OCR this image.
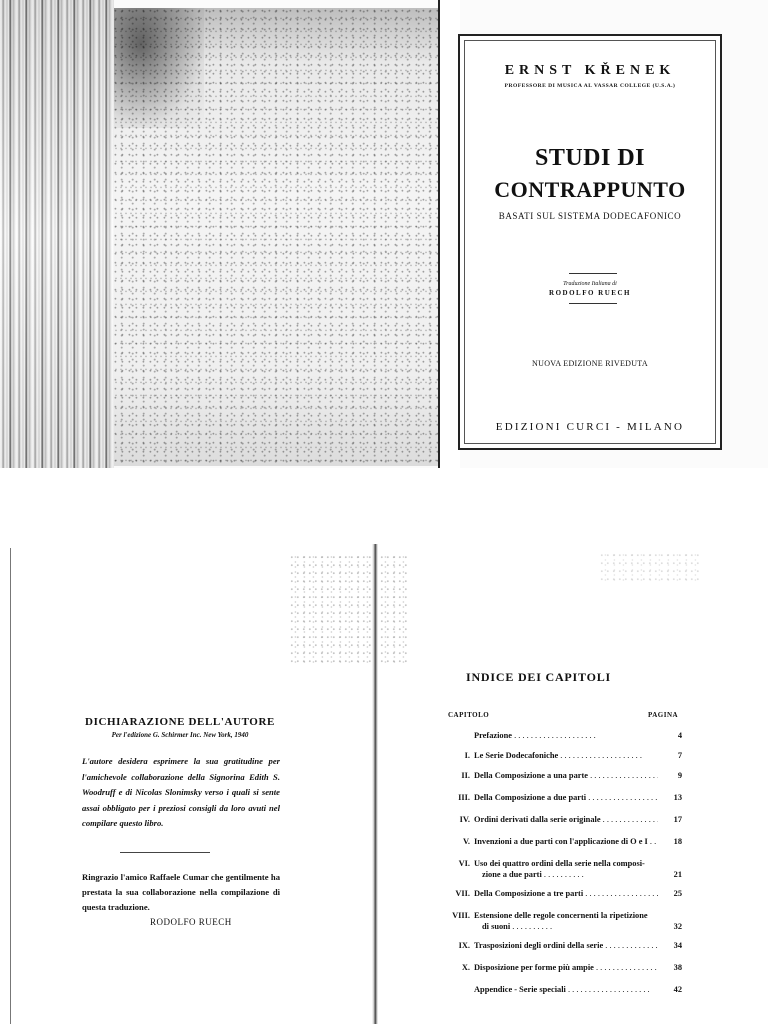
ERNST KŘENEK
PROFESSORE DI MUSICA AL VASSAR COLLEGE (U.S.A.)
STUDI DI
CONTRAPPUNTO
BASATI SUL SISTEMA DODECAFONICO
Traduzione Italiana di
RODOLFO RUECH
NUOVA EDIZIONE RIVEDUTA
EDIZIONI CURCI - MILANO
DICHIARAZIONE DELL'AUTORE
Per l'edizione G. Schirmer Inc. New York, 1940
L'autore desidera esprimere la sua gratitudine per l'amichevole collaborazione della Signorina Edith S. Woodruff e di Nicolas Slonimsky verso i quali si sente assai obbligato per i preziosi consigli da loro avuti nel compilare questo libro.
Ringrazio l'amico Raffaele Cumar che gentilmente ha prestata la sua collaborazione nella compilazione di questa traduzione.
RODOLFO RUECH
INDICE DEI CAPITOLI
CAPITOLO	PAGINA
Prefazione . .	4
I. Le Serie Dodecafoniche . .	7
II. Della Composizione a una parte . .	9
III. Della Composizione a due parti . .	13
IV. Ordini derivati dalla serie originale . .	17
V. Invenzioni a due parti con l'applicazione di O e I . .	18
VI. Uso dei quattro ordini della serie nella composi-
zione a due parti . .	21
VII. Della Composizione a tre parti . .	25
VIII. Estensione delle regole concernenti la ripetizione
di suoni . .	32
IX. Trasposizioni degli ordini della serie . .	34
X. Disposizione per forme più ampie . .	38
Appendice - Serie speciali . .	42
